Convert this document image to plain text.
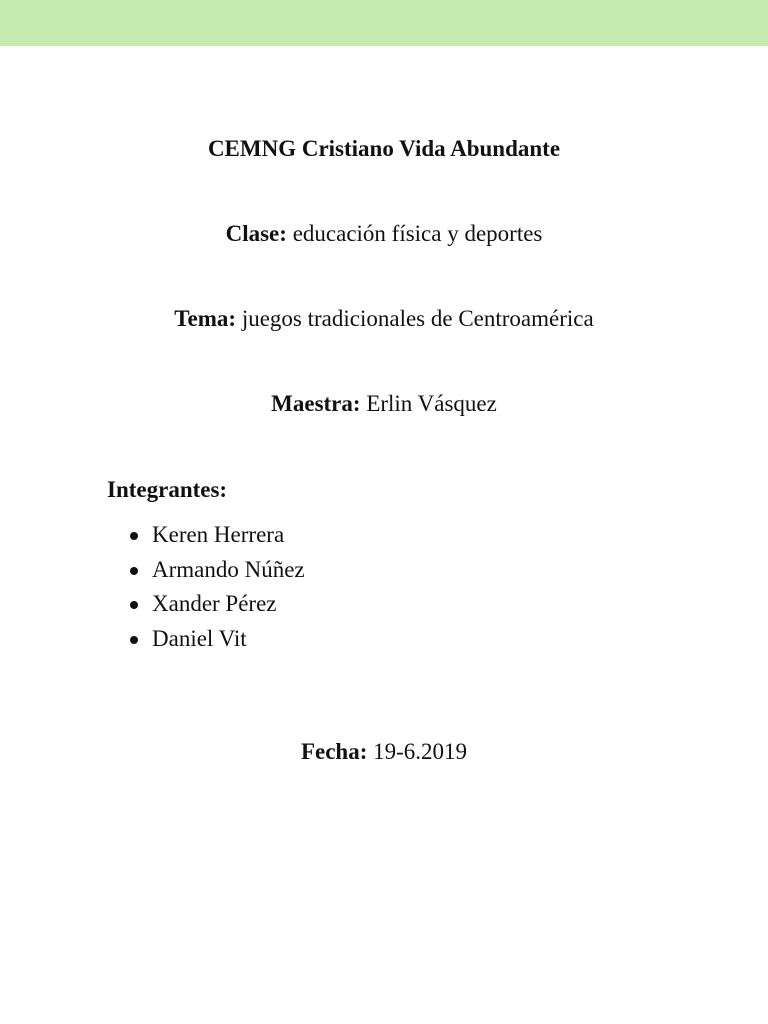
CEMNG Cristiano Vida Abundante
Clase: educación física y deportes
Tema: juegos tradicionales de Centroamérica
Maestra: Erlin Vásquez
Integrantes:
Keren Herrera
Armando Núñez
Xander Pérez
Daniel Vit
Fecha: 19-6.2019
